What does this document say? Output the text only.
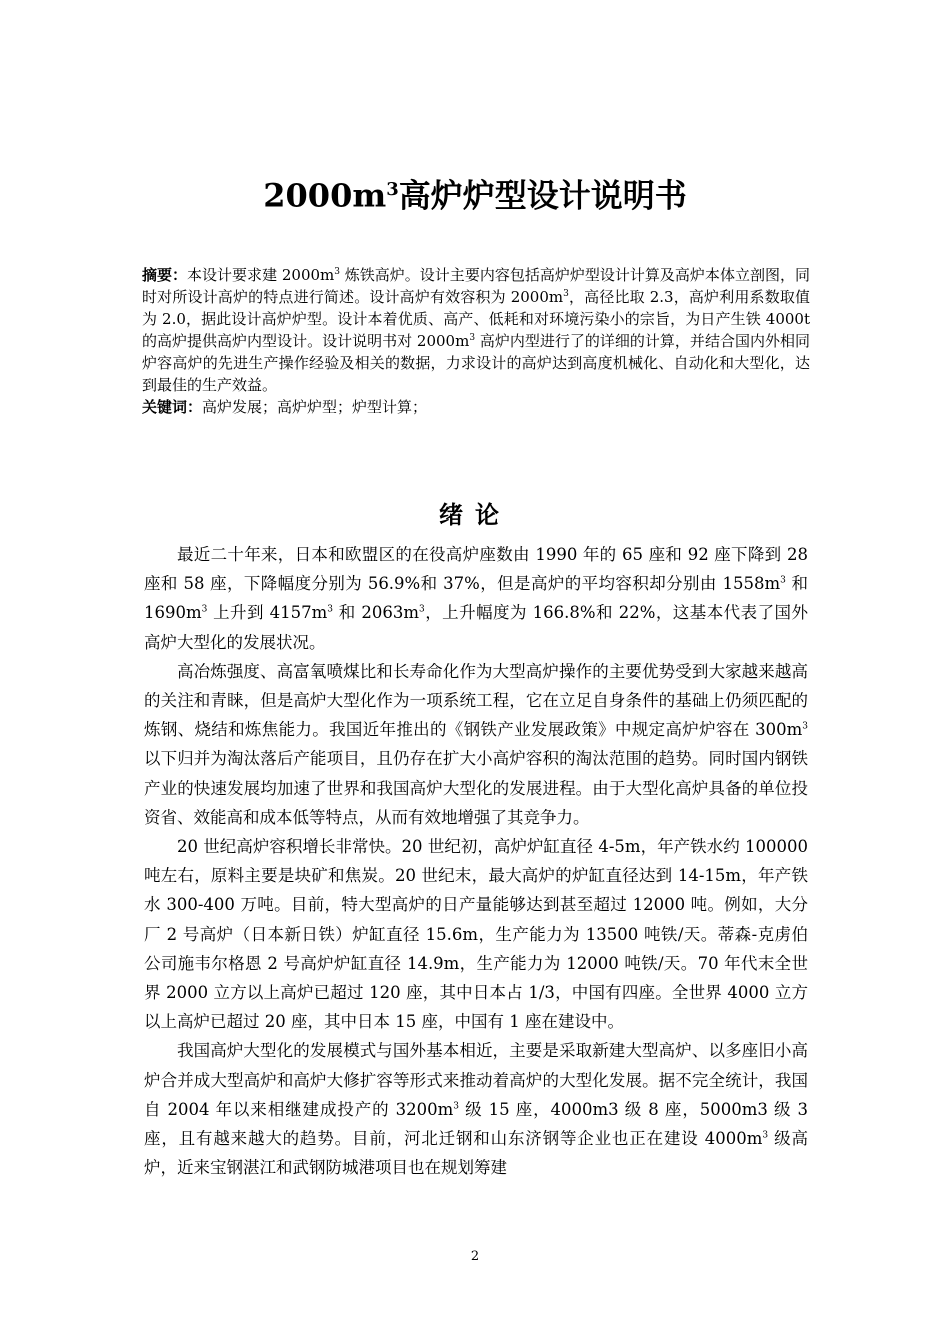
$2000m^3$高炉炉型设计说明书

摘要：本设计要求建 $2000m^3$ 炼铁高炉。设计主要内容包括高炉炉型设计计算及高炉本体立剖图，同时对所设计高炉的特点进行简述。设计高炉有效容积为 $2000m^3$，高径比取 2.3，高炉利用系数取值为 2.0，据此设计高炉炉型。设计本着优质、高产、低耗和对环境污染小的宗旨，为日产生铁 4000t 的高炉提供高炉内型设计。设计说明书对 $2000m^3$ 高炉内型进行了的详细的计算，并结合国内外相同炉容高炉的先进生产操作经验及相关的数据，力求设计的高炉达到高度机械化、自动化和大型化，达到最佳的生产效益。

关键词：高炉发展；高炉炉型；炉型计算；

绪论

最近二十年来，日本和欧盟区的在役高炉座数由 1990 年的 65 座和 92 座下降到 28 座和 58 座，下降幅度分别为 56.9%和 37%，但是高炉的平均容积却分别由 $1558m^3$ 和 $1690m^3$ 上升到 $4157m^3$ 和 $2063m^3$，上升幅度为 166.8%和 22%，这基本代表了国外高炉大型化的发展状况。

高冶炼强度、高富氧喷煤比和长寿命化作为大型高炉操作的主要优势受到大家越来越高的关注和青睐，但是高炉大型化作为一项系统工程，它在立足自身条件的基础上仍须匹配的炼钢、烧结和炼焦能力。我国近年推出的《钢铁产业发展政策》中规定高炉炉容在 $300m^3$ 以下归并为淘汰落后产能项目，且仍存在扩大小高炉容积的淘汰范围的趋势。同时国内钢铁产业的快速发展均加速了世界和我国高炉大型化的发展进程。由于大型化高炉具备的单位投资省、效能高和成本低等特点，从而有效地增强了其竞争力。

20 世纪高炉容积增长非常快。20 世纪初，高炉炉缸直径 4-5m，年产铁水约 100000 吨左右，原料主要是块矿和焦炭。20 世纪末，最大高炉的炉缸直径达到 14-15m，年产铁水 300-400 万吨。目前，特大型高炉的日产量能够达到甚至超过 12000 吨。例如，大分厂 2 号高炉（日本新日铁）炉缸直径 15.6m，生产能力为 13500 吨铁/天。蒂森-克虏伯公司施韦尔格恩 2 号高炉炉缸直径 14.9m，生产能力为 12000 吨铁/天。70 年代末全世界 2000 立方以上高炉已超过 120 座，其中日本占 1/3，中国有四座。全世界 4000 立方以上高炉已超过 20 座，其中日本 15 座，中国有 1 座在建设中。

我国高炉大型化的发展模式与国外基本相近，主要是采取新建大型高炉、以多座旧小高炉合并成大型高炉和高炉大修扩容等形式来推动着高炉的大型化发展。据不完全统计，我国自 2004 年以来相继建成投产的 $3200m^3$ 级 15 座，4000m3 级 8 座，5000m3 级 3 座，且有越来越大的趋势。目前，河北迁钢和山东济钢等企业也正在建设 $4000m^3$ 级高炉，近来宝钢湛江和武钢防城港项目也在规划筹建

2
